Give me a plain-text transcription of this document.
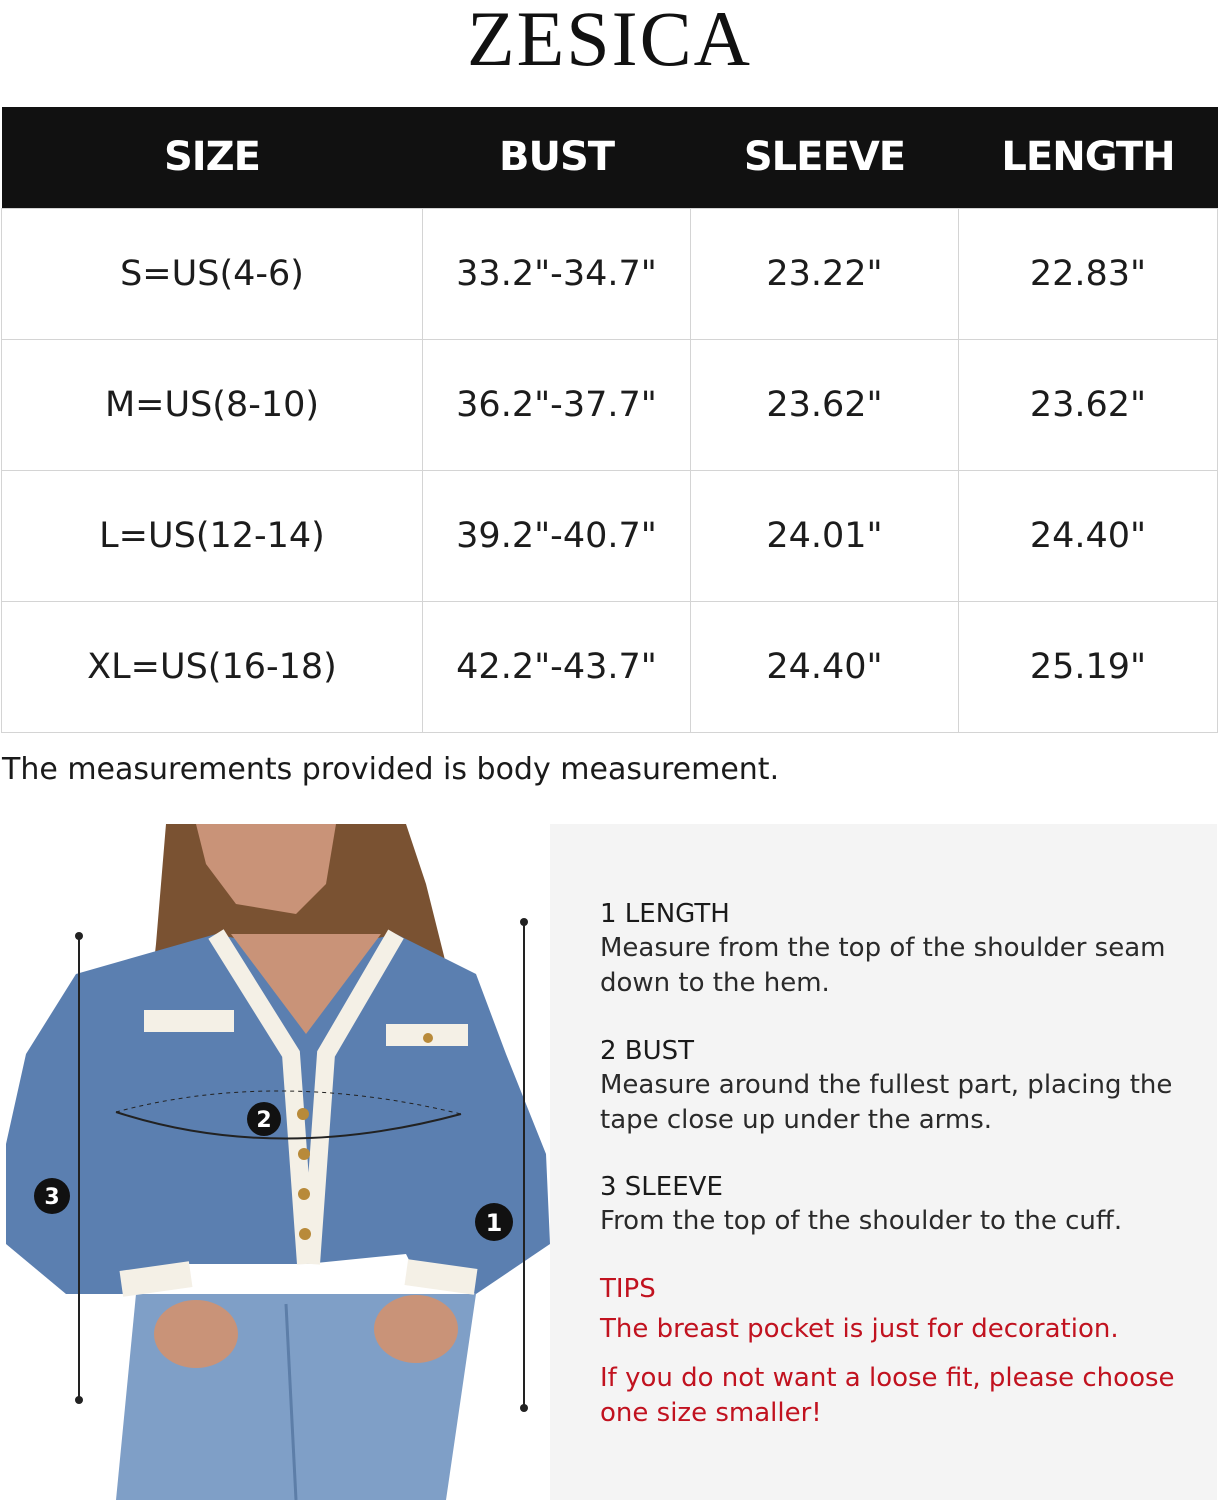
ZESICA
SIZE	BUST	SLEEVE	LENGTH
S=US(4-6)	33.2"-34.7"	23.22"	22.83"
M=US(8-10)	36.2"-37.7"	23.62"	23.62"
L=US(12-14)	39.2"-40.7"	24.01"	24.40"
XL=US(16-18)	42.2"-43.7"	24.40"	25.19"
The measurements provided is body measurement.
1
2
3
1 LENGTH
Measure from the top of the shoulder seam down to the hem.
2 BUST
Measure around the fullest part, placing the tape close up under the arms.
3 SLEEVE
From the top of the shoulder to the cuff.
TIPS
The breast pocket is just for decoration.
If you do not want a loose fit, please choose one size smaller!
